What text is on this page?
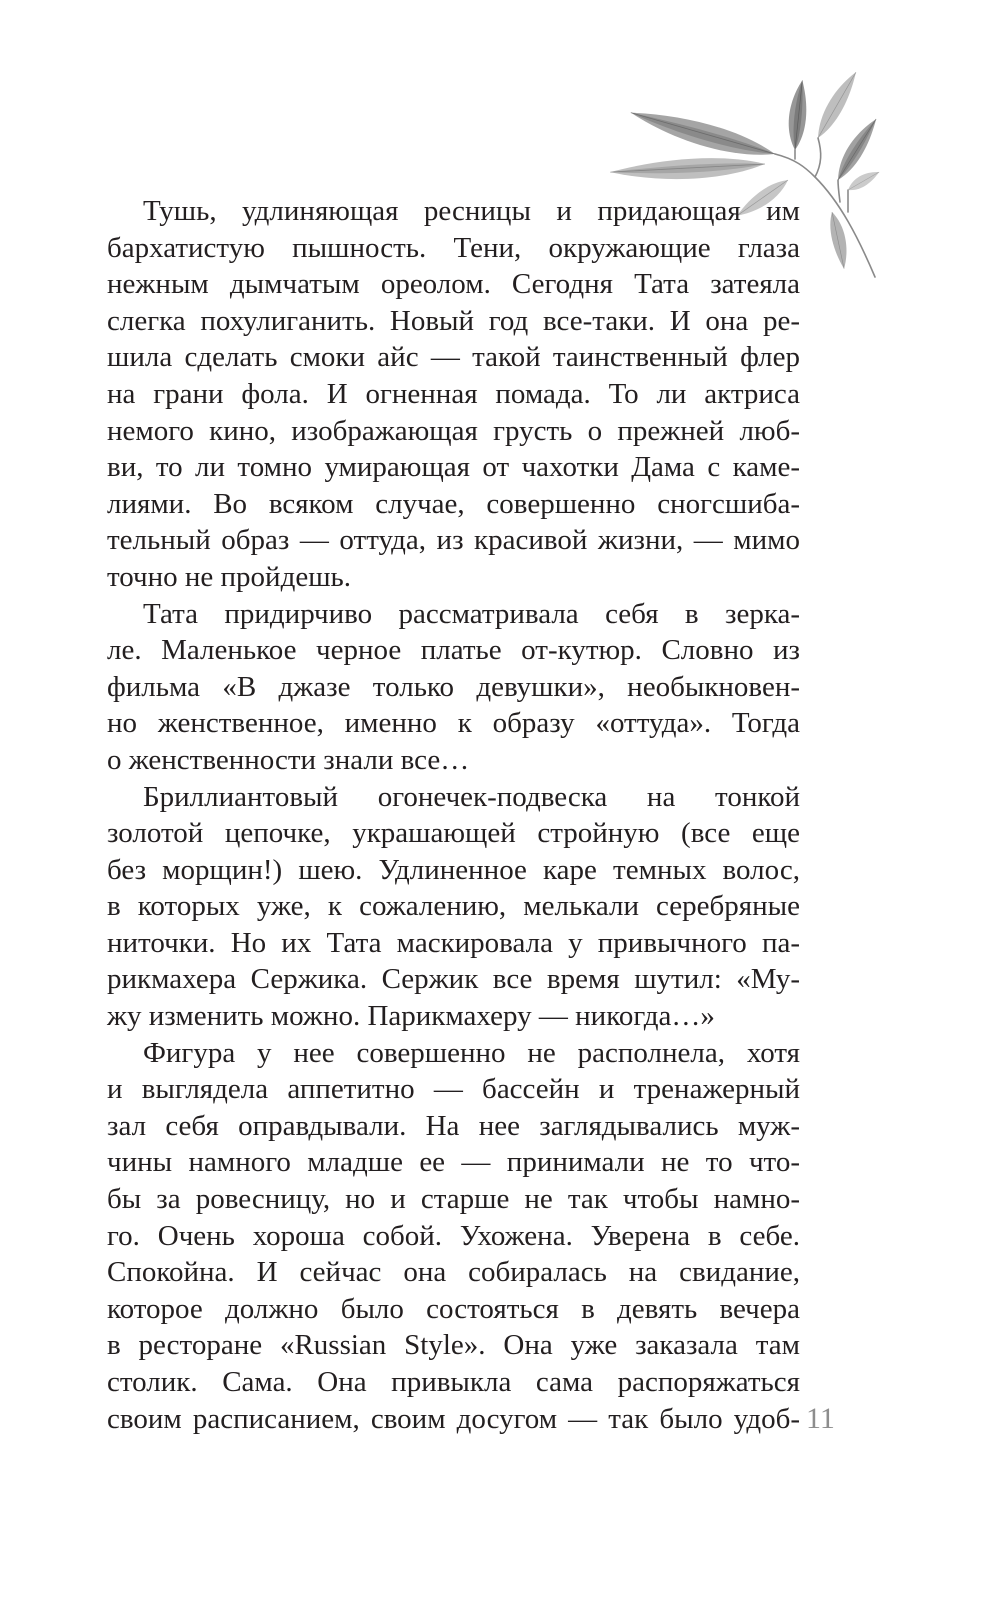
Тушь, удлиняющая ресницы и придающая им
бархатистую пышность. Тени, окружающие глаза
нежным дымчатым ореолом. Сегодня Тата затеяла
слегка похулиганить. Новый год все-таки. И она ре-
шила сделать смоки айс — такой таинственный флер
на грани фола. И огненная помада. То ли актриса
немого кино, изображающая грусть о прежней люб-
ви, то ли томно умирающая от чахотки Дама с каме-
лиями. Во всяком случае, совершенно сногсшиба-
тельный образ — оттуда, из красивой жизни, — мимо
точно не пройдешь.
Тата придирчиво рассматривала себя в зерка-
ле. Маленькое черное платье от-кутюр. Словно из
фильма «В джазе только девушки», необыкновен-
но женственное, именно к образу «оттуда». Тогда
о женственности знали все…
Бриллиантовый огонечек-подвеска на тонкой
золотой цепочке, украшающей стройную (все еще
без морщин!) шею. Удлиненное каре темных волос,
в которых уже, к сожалению, мелькали серебряные
ниточки. Но их Тата маскировала у привычного па-
рикмахера Сержика. Сержик все время шутил: «Му-
жу изменить можно. Парикмахеру — никогда…»
Фигура у нее совершенно не располнела, хотя
и выглядела аппетитно — бассейн и тренажерный
зал себя оправдывали. На нее заглядывались муж-
чины намного младше ее — принимали не то что-
бы за ровесницу, но и старше не так чтобы намно-
го. Очень хороша собой. Ухожена. Уверена в себе.
Спокойна. И сейчас она собиралась на свидание,
которое должно было состояться в девять вечера
в ресторане «Russian Style». Она уже заказала там
столик. Сама. Она привыкла сама распоряжаться
своим расписанием, своим досугом — так было удоб- 11
